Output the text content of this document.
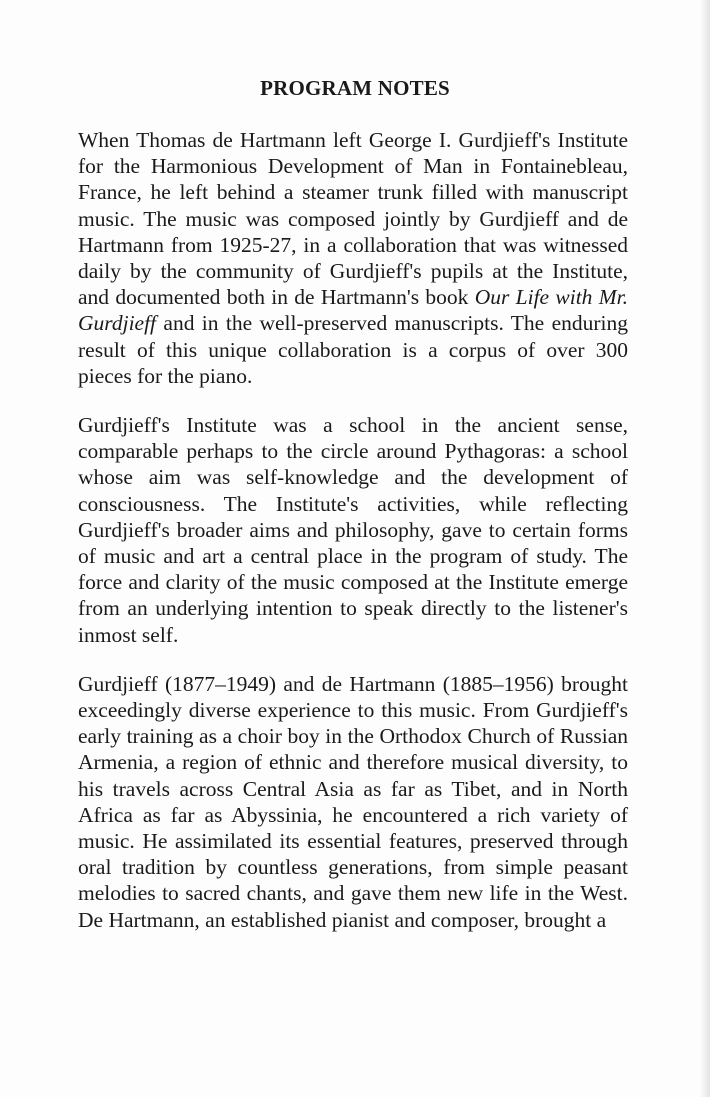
PROGRAM NOTES

When Thomas de Hartmann left George I. Gurdjieff's Institute for the Harmonious Development of Man in Fontainebleau, France, he left behind a steamer trunk filled with manuscript music. The music was composed jointly by Gurdjieff and de Hartmann from 1925-27, in a collaboration that was witnessed daily by the community of Gurdjieff's pupils at the Institute, and documented both in de Hartmann's book Our Life with Mr. Gurdjieff and in the well-preserved manuscripts. The enduring result of this unique collaboration is a corpus of over 300 pieces for the piano.

Gurdjieff's Institute was a school in the ancient sense, comparable perhaps to the circle around Pythagoras: a school whose aim was self-knowledge and the development of consciousness. The Institute's activities, while reflecting Gurdjieff's broader aims and philosophy, gave to certain forms of music and art a central place in the program of study. The force and clarity of the music composed at the Institute emerge from an underlying intention to speak directly to the listener's inmost self.

Gurdjieff (1877–1949) and de Hartmann (1885–1956) brought exceedingly diverse experience to this music. From Gurdjieff's early training as a choir boy in the Orthodox Church of Russian Armenia, a region of ethnic and therefore musical diversity, to his travels across Central Asia as far as Tibet, and in North Africa as far as Abyssinia, he encountered a rich variety of music. He assimilated its essential features, preserved through oral tradition by countless generations, from simple peasant melodies to sacred chants, and gave them new life in the West. De Hartmann, an established pianist and composer, brought a
